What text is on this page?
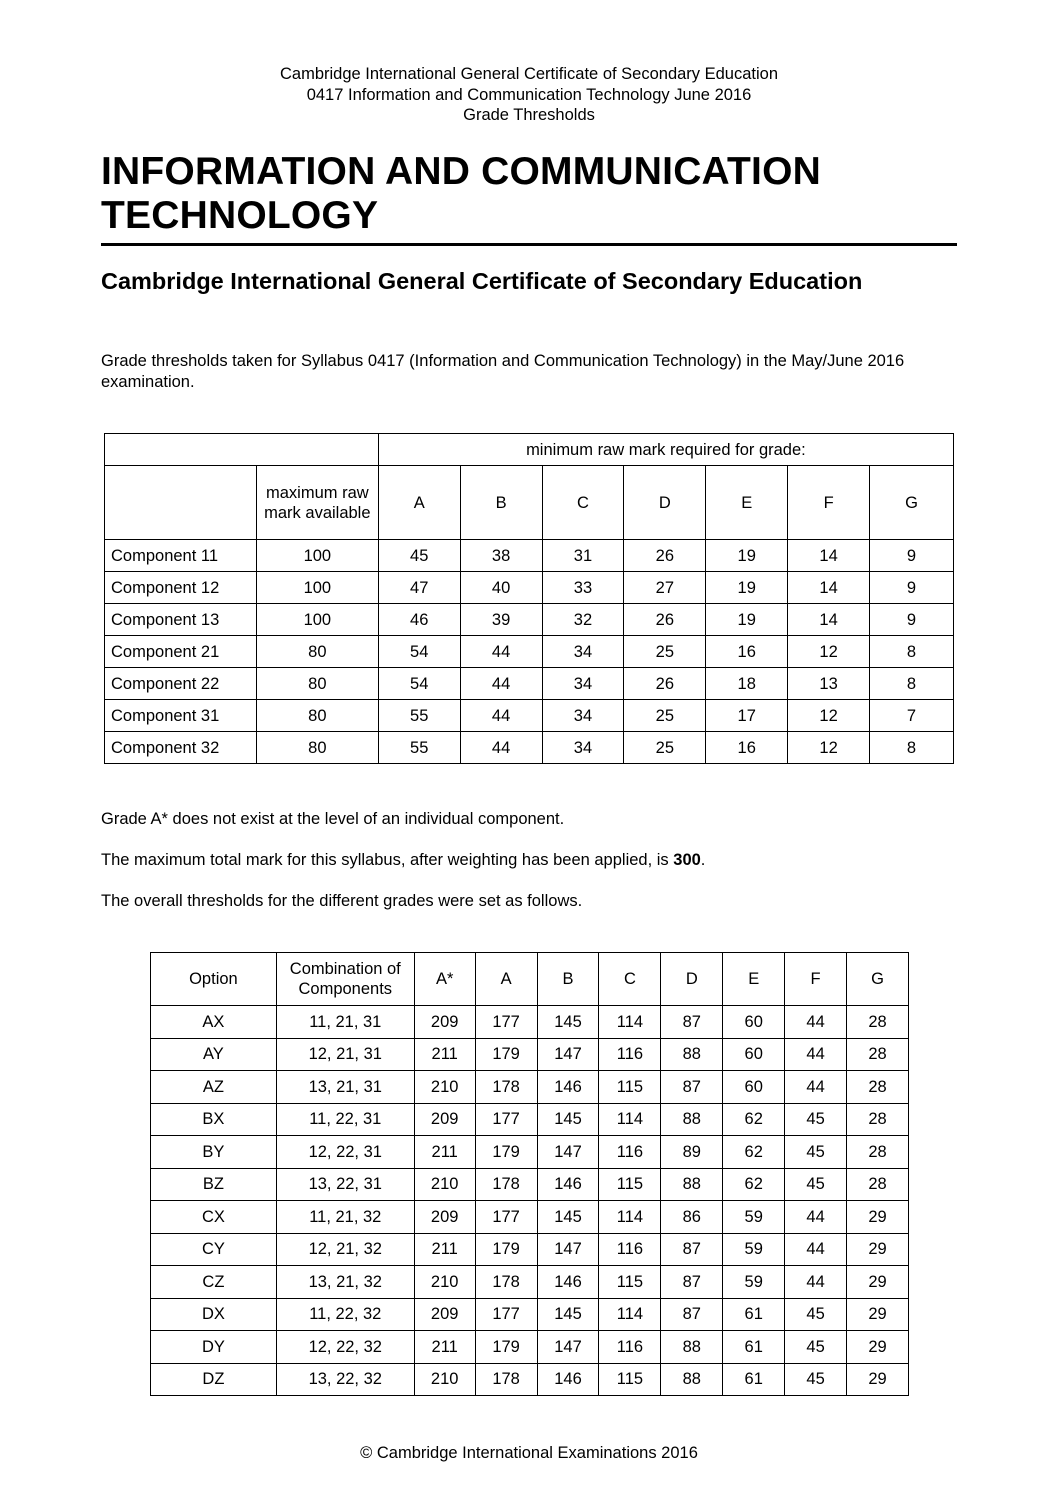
Cambridge International General Certificate of Secondary Education
0417 Information and Communication Technology June 2016
Grade Thresholds
INFORMATION AND COMMUNICATION
TECHNOLOGY
Cambridge International General Certificate of Secondary Education
Grade thresholds taken for Syllabus 0417 (Information and Communication Technology) in the May/June 2016 examination.
		minimum raw mark required for grade:						
	maximum raw mark available	A	B	C	D	E	F	G
Component 11	100	45	38	31	26	19	14	9
Component 12	100	47	40	33	27	19	14	9
Component 13	100	46	39	32	26	19	14	9
Component 21	80	54	44	34	25	16	12	8
Component 22	80	54	44	34	26	18	13	8
Component 31	80	55	44	34	25	17	12	7
Component 32	80	55	44	34	25	16	12	8
Grade A* does not exist at the level of an individual component.
The maximum total mark for this syllabus, after weighting has been applied, is 300.
The overall thresholds for the different grades were set as follows.
Option	Combination of Components	A*	A	B	C	D	E	F	G
AX	11, 21, 31	209	177	145	114	87	60	44	28
AY	12, 21, 31	211	179	147	116	88	60	44	28
AZ	13, 21, 31	210	178	146	115	87	60	44	28
BX	11, 22, 31	209	177	145	114	88	62	45	28
BY	12, 22, 31	211	179	147	116	89	62	45	28
BZ	13, 22, 31	210	178	146	115	88	62	45	28
CX	11, 21, 32	209	177	145	114	86	59	44	29
CY	12, 21, 32	211	179	147	116	87	59	44	29
CZ	13, 21, 32	210	178	146	115	87	59	44	29
DX	11, 22, 32	209	177	145	114	87	61	45	29
DY	12, 22, 32	211	179	147	116	88	61	45	29
DZ	13, 22, 32	210	178	146	115	88	61	45	29
© Cambridge International Examinations 2016
